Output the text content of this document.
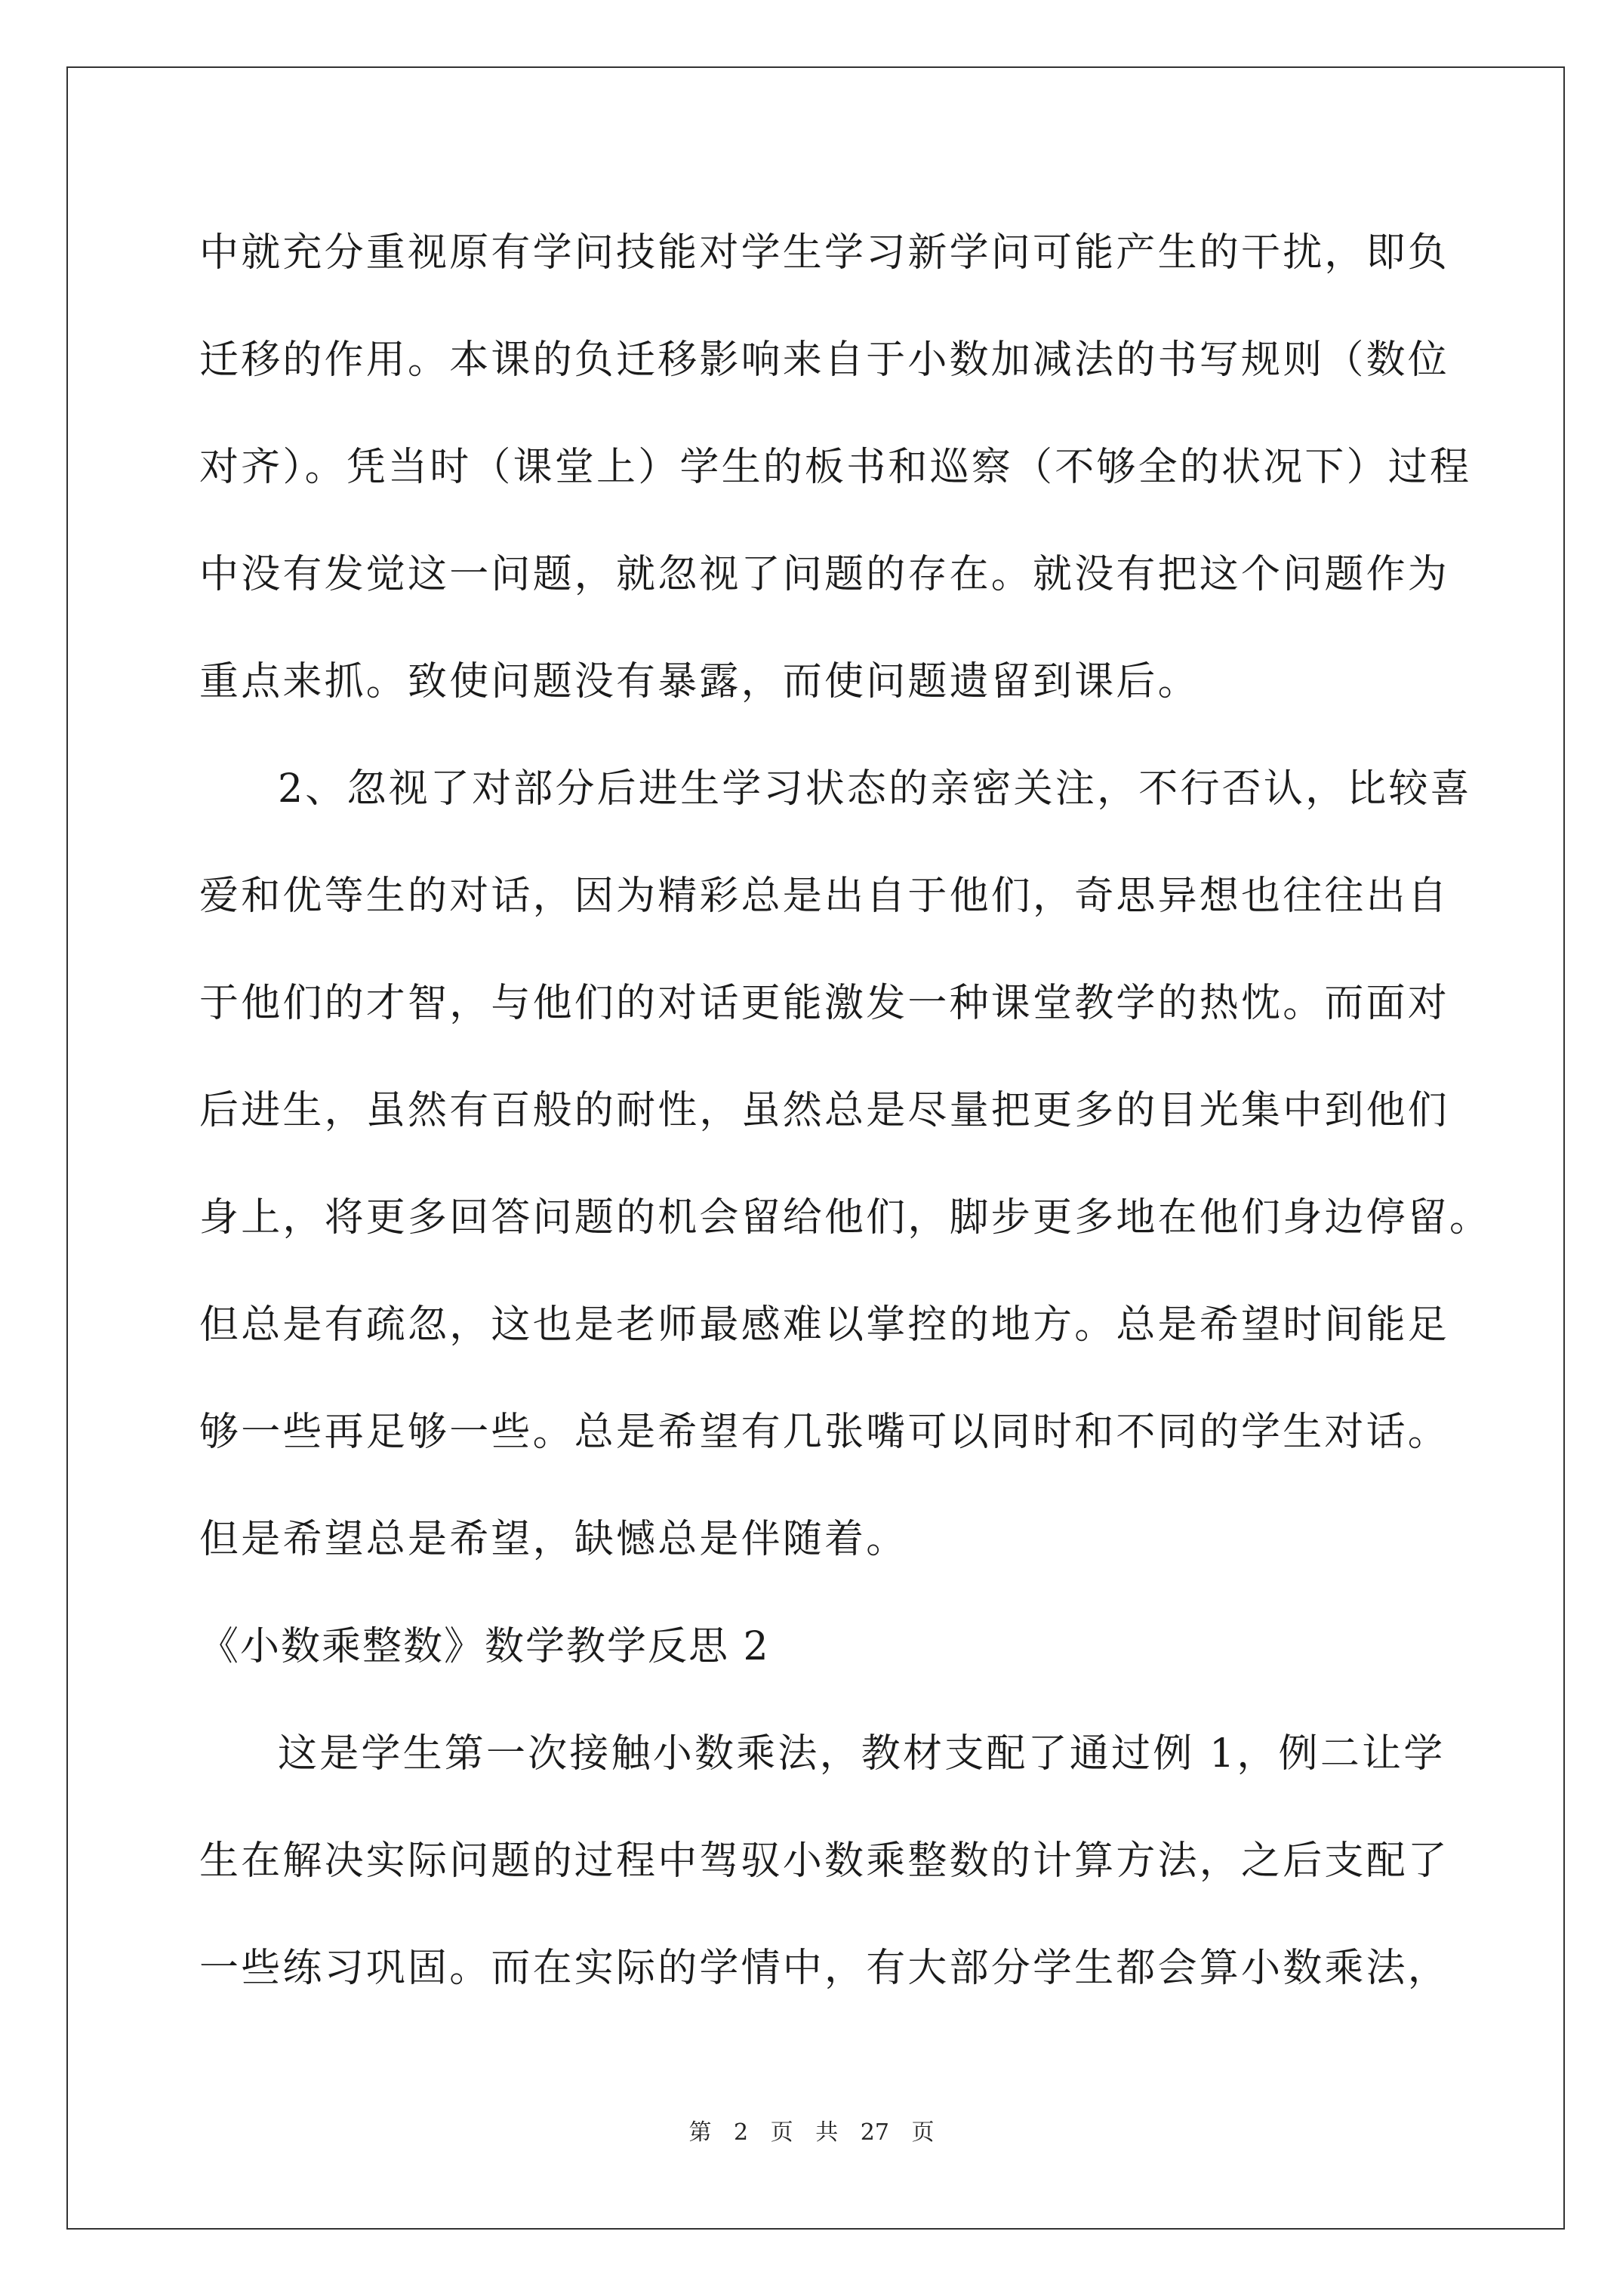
中就充分重视原有学问技能对学生学习新学问可能产生的干扰，即负
迁移的作用。本课的负迁移影响来自于小数加减法的书写规则（数位
对齐）。凭当时（课堂上）学生的板书和巡察（不够全的状况下）过程
中没有发觉这一问题，就忽视了问题的存在。就没有把这个问题作为
重点来抓。致使问题没有暴露，而使问题遗留到课后。
2、忽视了对部分后进生学习状态的亲密关注，不行否认，比较喜
爱和优等生的对话，因为精彩总是出自于他们，奇思异想也往往出自
于他们的才智，与他们的对话更能激发一种课堂教学的热忱。而面对
后进生，虽然有百般的耐性，虽然总是尽量把更多的目光集中到他们
身上，将更多回答问题的机会留给他们，脚步更多地在他们身边停留。
但总是有疏忽，这也是老师最感难以掌控的地方。总是希望时间能足
够一些再足够一些。总是希望有几张嘴可以同时和不同的学生对话。
但是希望总是希望，缺憾总是伴随着。
《小数乘整数》数学教学反思 2
这是学生第一次接触小数乘法，教材支配了通过例 1，例二让学
生在解决实际问题的过程中驾驭小数乘整数的计算方法，之后支配了
一些练习巩固。而在实际的学情中，有大部分学生都会算小数乘法，
第 2 页 共 27 页
